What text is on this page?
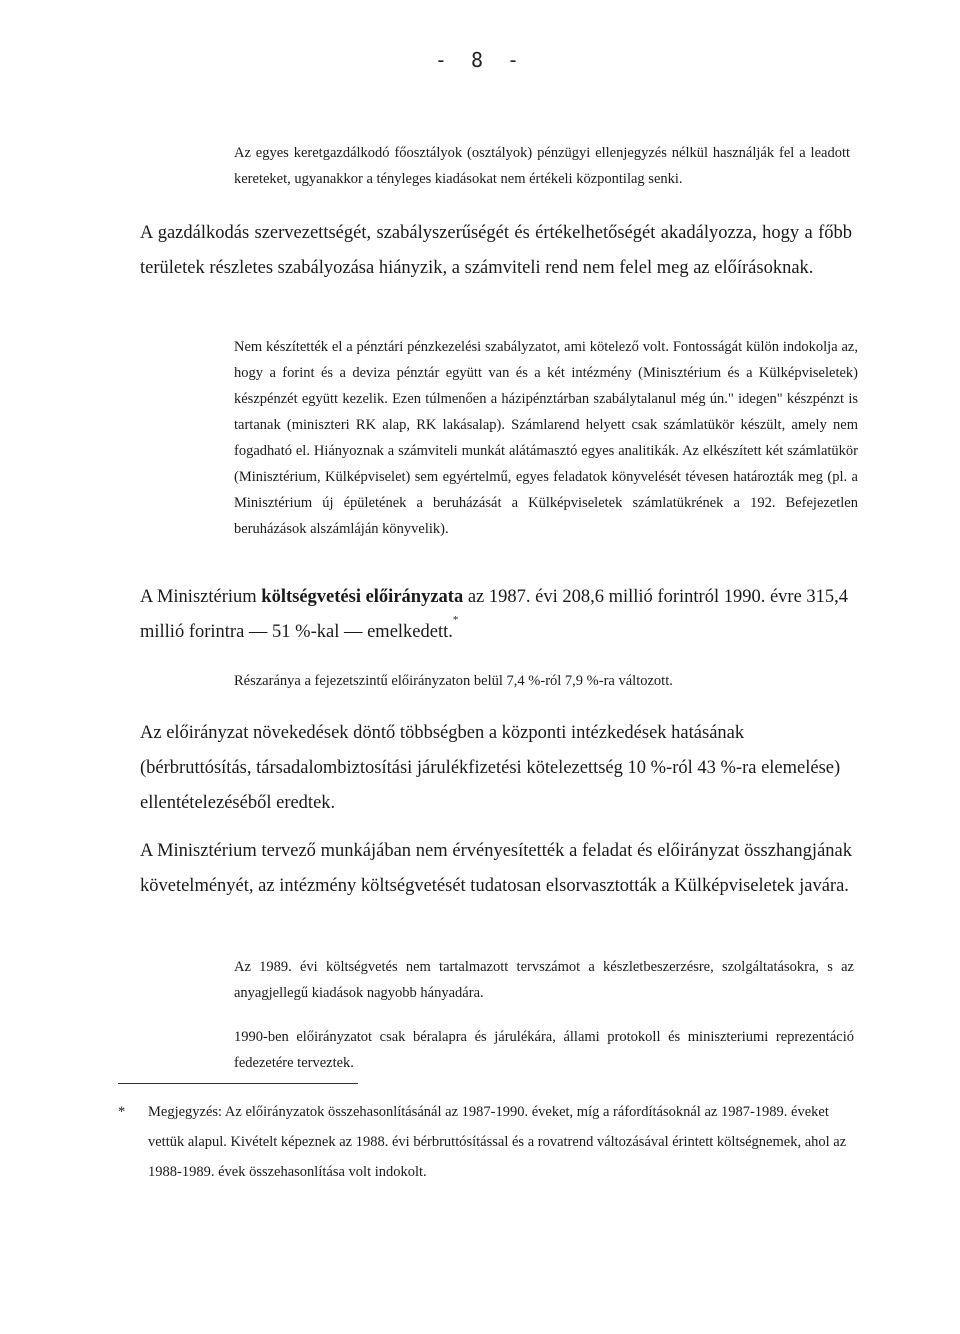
- 8 -

Az egyes keretgazdálkodó főosztályok (osztályok) pénzügyi ellenjegyzés nélkül használják fel a leadott kereteket, ugyanakkor a tényleges kiadásokat nem értékeli központilag senki.

A gazdálkodás szervezettségét, szabályszerűségét és értékelhetőségét akadályozza, hogy a főbb területek részletes szabályozása hiányzik, a számviteli rend nem felel meg az előírásoknak.

Nem készítették el a pénztári pénzkezelési szabályzatot, ami kötelező volt. Fontosságát külön indokolja az, hogy a forint és a deviza pénztár együtt van és a két intézmény (Minisztérium és a Külképviseletek) készpénzét együtt kezelik. Ezen túlmenően a házipénztárban szabálytalanul még ún." idegen" készpénzt is tartanak (miniszteri RK alap, RK lakásalap). Számlarend helyett csak számlatükör készült, amely nem fogadható el. Hiányoznak a számviteli munkát alátámasztó egyes analitikák. Az elkészített két számlatükör (Minisztérium, Külképviselet) sem egyértelmű, egyes feladatok könyvelését tévesen határozták meg (pl. a Minisztérium új épületének a beruházását a Külképviseletek számlatükrének a 192. Befejezetlen beruházások alszámláján könyvelik).

A Minisztérium költségvetési előirányzata az 1987. évi 208,6 millió forintról 1990. évre 315,4 millió forintra — 51 %-kal — emelkedett.*

Részaránya a fejezetszintű előirányzaton belül 7,4 %-ról 7,9 %-ra változott.

Az előirányzat növekedések döntő többségben a központi intézkedések hatásának (bérbruttósítás, társadalombiztosítási járulékfizetési kötelezettség 10 %-ról 43 %-ra elemelése) ellentételezéséből eredtek.

A Minisztérium tervező munkájában nem érvényesítették a feladat és előirányzat összhangjának követelményét, az intézmény költségvetését tudatosan elsorvasztották a Külképviseletek javára.

Az 1989. évi költségvetés nem tartalmazott tervszámot a készletbeszerzésre, szolgáltatásokra, s az anyagjellegű kiadások nagyobb hányadára.

1990-ben előirányzatot csak béralapra és járulékára, állami protokoll és miniszteriumi reprezentáció fedezetére terveztek.

* Megjegyzés: Az előirányzatok összehasonlításánál az 1987-1990. éveket, míg a ráfordításoknál az 1987-1989. éveket vettük alapul. Kivételt képeznek az 1988. évi bérbruttósítással és a rovatrend változásával érintett költségnemek, ahol az 1988-1989. évek összehasonlítása volt indokolt.
